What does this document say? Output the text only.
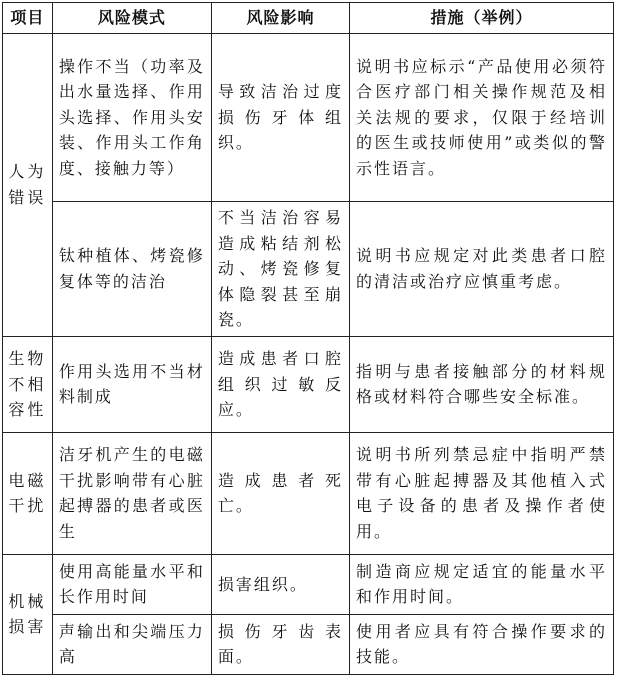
项目	风险模式	风险影响	措施（举例）
人为错误	操作不当（功率及出水量选择、作用头选择、作用头安装、作用头工作角度、接触力等）	导致洁治过度损伤牙体组织。	说明书应标示“产品使用必须符合医疗部门相关操作规范及相关法规的要求，仅限于经培训的医生或技师使用”或类似的警示性语言。
	钛种植体、烤瓷修复体等的洁治	不当洁治容易造成粘结剂松动、烤瓷修复体隐裂甚至崩瓷。	说明书应规定对此类患者口腔的清洁或治疗应慎重考虑。
生物不相容性	作用头选用不当材料制成	造成患者口腔组织过敏反应。	指明与患者接触部分的材料规格或材料符合哪些安全标准。
电磁干扰	洁牙机产生的电磁干扰影响带有心脏起搏器的患者或医生	造成患者死亡。	说明书所列禁忌症中指明严禁带有心脏起搏器及其他植入式电子设备的患者及操作者使用。
机械损害	使用高能量水平和长作用时间	损害组织。	制造商应规定适宜的能量水平和作用时间。
	声输出和尖端压力高	损伤牙齿表面。	使用者应具有符合操作要求的技能。
